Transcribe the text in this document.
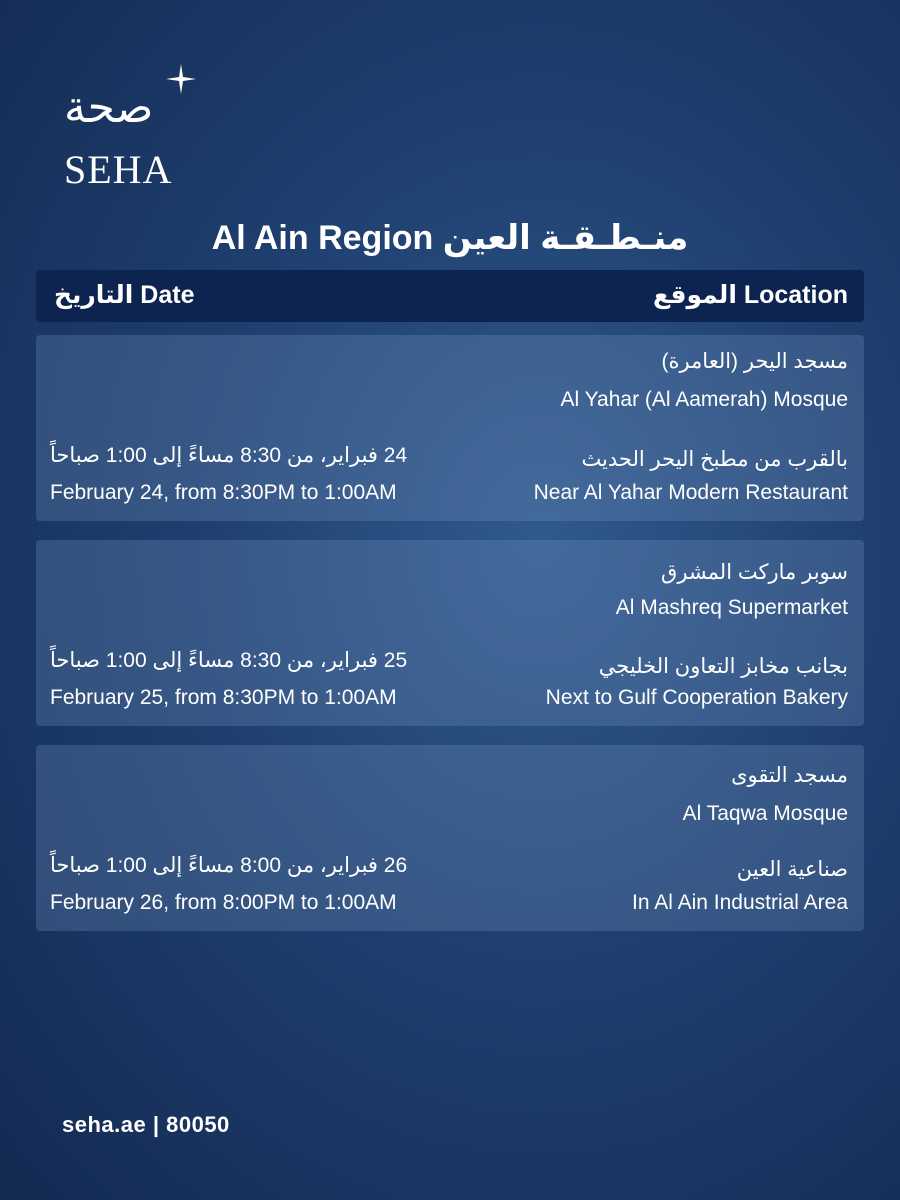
صحة
SEHA
Al Ain Region منـطـقـة العين
الموقع Location
التاريخ Date
مسجد اليحر (العامرة)
Al Yahar (Al Aamerah) Mosque
بالقرب من مطبخ اليحر الحديث
Near Al Yahar Modern Restaurant
24 فبراير، من 8:30 مساءً إلى 1:00 صباحاً
February 24, from 8:30PM to 1:00AM
سوبر ماركت المشرق
Al Mashreq Supermarket
بجانب مخابز التعاون الخليجي
Next to Gulf Cooperation Bakery
25 فبراير، من 8:30 مساءً إلى 1:00 صباحاً
February 25, from 8:30PM to 1:00AM
مسجد التقوى
Al Taqwa Mosque
صناعية العين
In Al Ain Industrial Area
26 فبراير، من 8:00 مساءً إلى 1:00 صباحاً
February 26, from 8:00PM to 1:00AM
seha.ae | 80050
